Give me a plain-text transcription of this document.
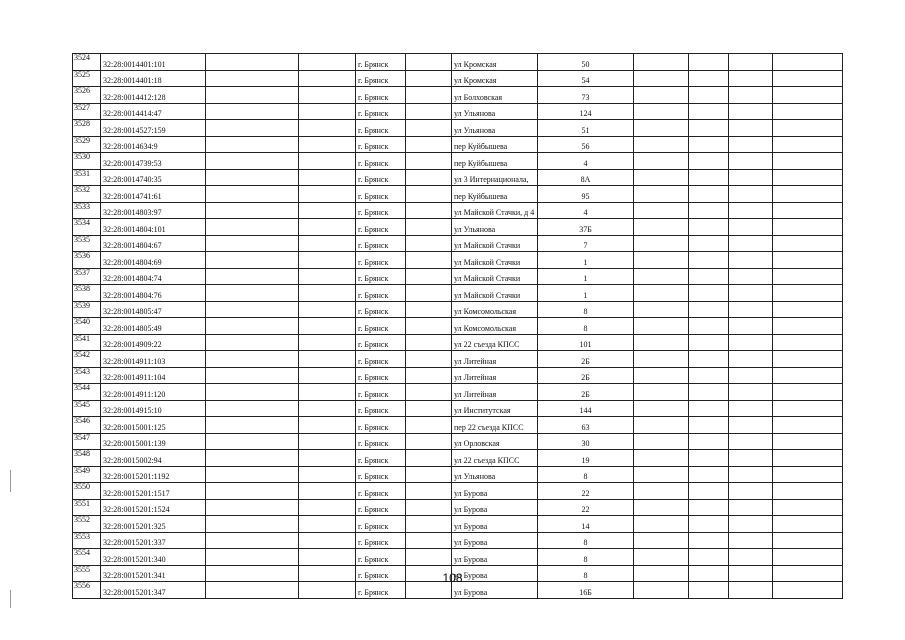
3524	32:28:0014401:101			г. Брянск		ул Кромская	50				
3525	32:28:0014401:18			г. Брянск		ул Кромская	54				
3526	32:28:0014412:128			г. Брянск		ул Болховская	73				
3527	32:28:0014414:47			г. Брянск		ул Ульянова	124				
3528	32:28:0014527:159			г. Брянск		ул Ульянова	51				
3529	32:28:0014634:9			г. Брянск		пер Куйбышева	56				
3530	32:28:0014739:53			г. Брянск		пер Куйбышева	4				
3531	32:28:0014740:35			г. Брянск		ул 3 Интернационала,	8А				
3532	32:28:0014741:61			г. Брянск		пер Куйбышева	95				
3533	32:28:0014803:97			г. Брянск		ул Майской Стачки, д 4	4				
3534	32:28:0014804:101			г. Брянск		ул Ульянова	37Б				
3535	32:28:0014804:67			г. Брянск		ул Майской Стачки	7				
3536	32:28:0014804:69			г. Брянск		ул Майской Стачки	1				
3537	32:28:0014804:74			г. Брянск		ул Майской Стачки	1				
3538	32:28:0014804:76			г. Брянск		ул Майской Стачки	1				
3539	32:28:0014805:47			г. Брянск		ул Комсомольская	8				
3540	32:28:0014805:49			г. Брянск		ул Комсомольская	8				
3541	32:28:0014909:22			г. Брянск		ул 22 съезда КПСС	101				
3542	32:28:0014911:103			г. Брянск		ул Литейная	2Б				
3543	32:28:0014911:104			г. Брянск		ул Литейная	2Б				
3544	32:28:0014911:120			г. Брянск		ул Литейная	2Б				
3545	32:28:0014915:10			г. Брянск		ул Институтская	144				
3546	32:28:0015001:125			г. Брянск		пер 22 съезда КПСС	63				
3547	32:28:0015001:139			г. Брянск		ул Орловская	30				
3548	32:28:0015002:94			г. Брянск		ул 22 съезда КПСС	19				
3549	32:28:0015201:1192			г. Брянск		ул Ульянова	8				
3550	32:28:0015201:1517			г. Брянск		ул Бурова	22				
3551	32:28:0015201:1524			г. Брянск		ул Бурова	22				
3552	32:28:0015201:325			г. Брянск		ул Бурова	14				
3553	32:28:0015201:337			г. Брянск		ул Бурова	8				
3554	32:28:0015201:340			г. Брянск		ул Бурова	8				
3555	32:28:0015201:341			г. Брянск		ул Бурова	8				
3556	32:28:0015201:347			г. Брянск		ул Бурова	16Б				
108
